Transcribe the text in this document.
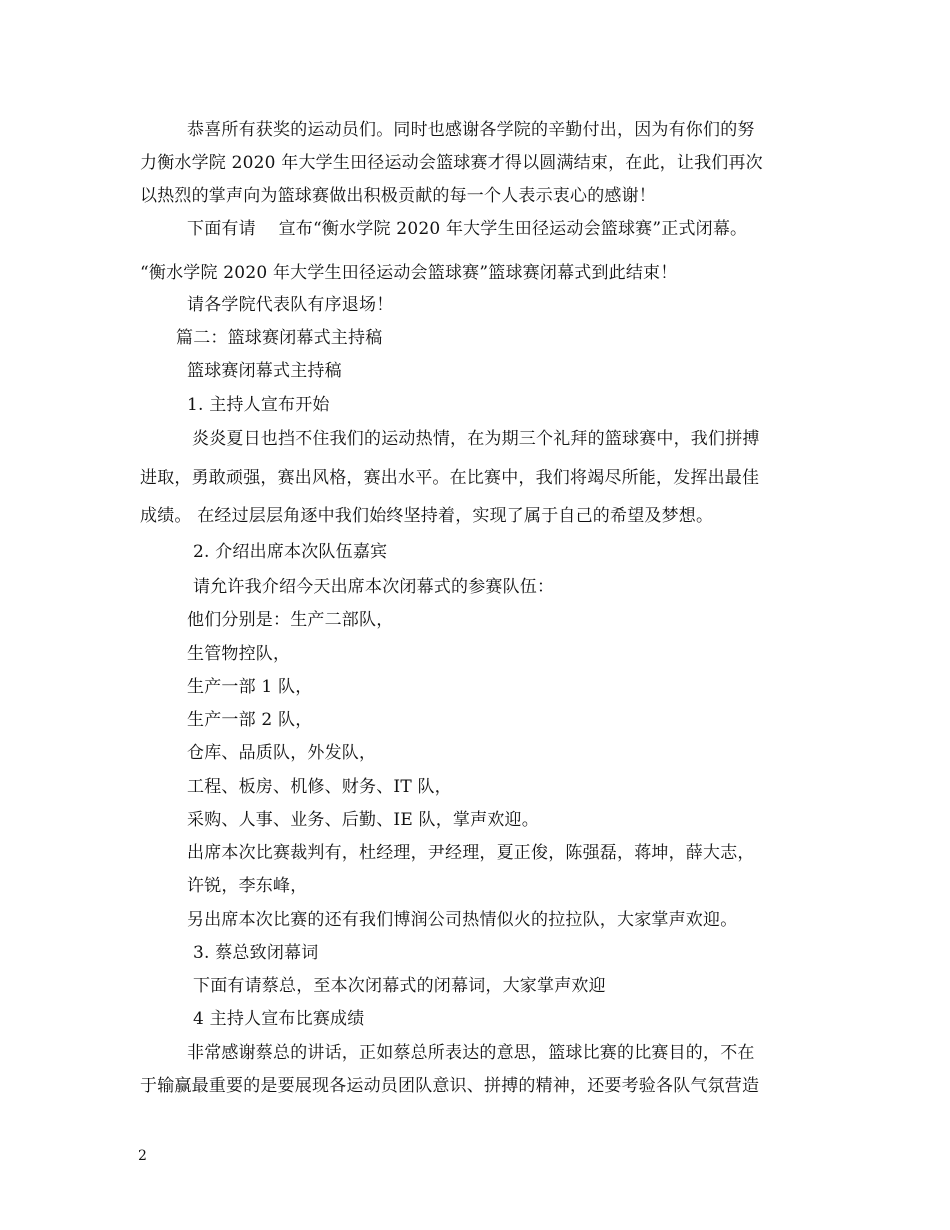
恭喜所有获奖的运动员们。同时也感谢各学院的辛勤付出，因为有你们的努
力衡水学院 2020 年大学生田径运动会篮球赛才得以圆满结束，在此，让我们再次
以热烈的掌声向为篮球赛做出积极贡献的每一个人表示衷心的感谢！
下面有请　 宣布“衡水学院 2020 年大学生田径运动会篮球赛”正式闭幕。
“衡水学院 2020 年大学生田径运动会篮球赛”篮球赛闭幕式到此结束！
请各学院代表队有序退场！
篇二：篮球赛闭幕式主持稿
篮球赛闭幕式主持稿
1. 主持人宣布开始
炎炎夏日也挡不住我们的运动热情，在为期三个礼拜的篮球赛中，我们拼搏
进取，勇敢顽强，赛出风格，赛出水平。在比赛中，我们将竭尽所能，发挥出最佳
成绩。 在经过层层角逐中我们始终坚持着，实现了属于自己的希望及梦想。
2. 介绍出席本次队伍嘉宾
请允许我介绍今天出席本次闭幕式的参赛队伍：
他们分别是：生产二部队，
生管物控队，
生产一部 1 队，
生产一部 2 队，
仓库、品质队，外发队，
工程、板房、机修、财务、IT 队，
采购、人事、业务、后勤、IE 队，掌声欢迎。
出席本次比赛裁判有，杜经理，尹经理，夏正俊，陈强磊，蒋坤，薛大志，
许锐，李东峰，
另出席本次比赛的还有我们博润公司热情似火的拉拉队，大家掌声欢迎。
3. 蔡总致闭幕词
下面有请蔡总，至本次闭幕式的闭幕词，大家掌声欢迎
4 主持人宣布比赛成绩
非常感谢蔡总的讲话，正如蔡总所表达的意思，篮球比赛的比赛目的，不在
于输赢最重要的是要展现各运动员团队意识、拼搏的精神，还要考验各队气氛营造
2
